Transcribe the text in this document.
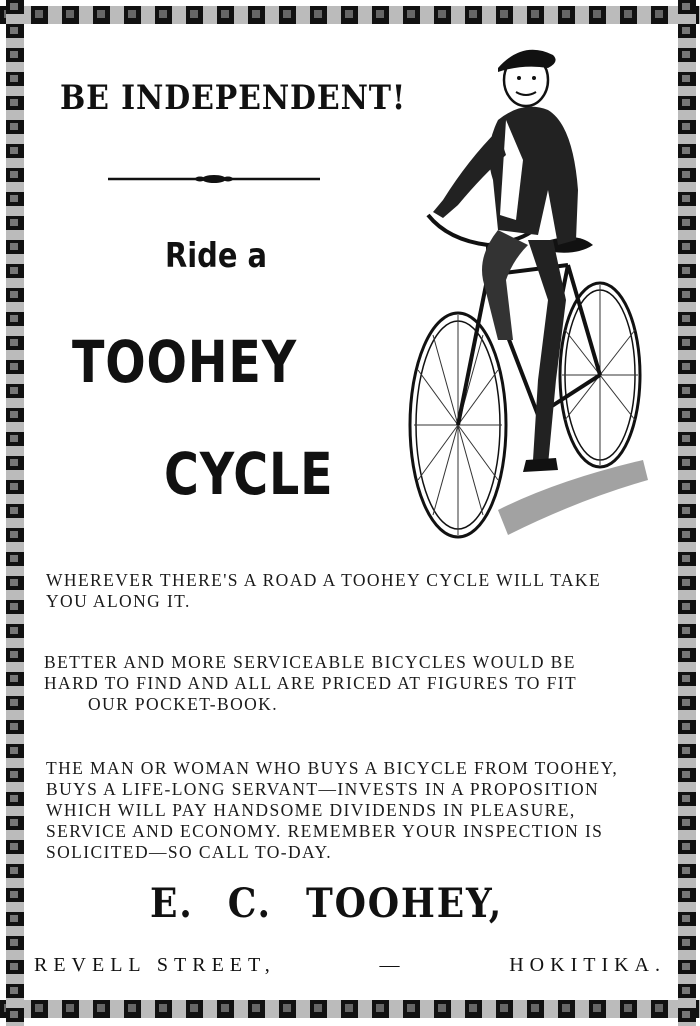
BE INDEPENDENT!
Ride a
TOOHEY
CYCLE
WHEREVER THERE'S A ROAD A TOOHEY CYCLE WILL TAKE
YOU ALONG IT.
BETTER AND MORE SERVICEABLE BICYCLES WOULD BE
HARD TO FIND AND ALL ARE PRICED AT FIGURES TO FIT
OUR POCKET-BOOK.
THE MAN OR WOMAN WHO BUYS A BICYCLE FROM TOOHEY,
BUYS A LIFE-LONG SERVANT—INVESTS IN A PROPOSITION
WHICH WILL PAY HANDSOME DIVIDENDS IN PLEASURE,
SERVICE AND ECONOMY. REMEMBER YOUR INSPECTION IS
SOLICITED—SO CALL TO-DAY.
E. C. TOOHEY,
REVELL STREET,	—	HOKITIKA.
